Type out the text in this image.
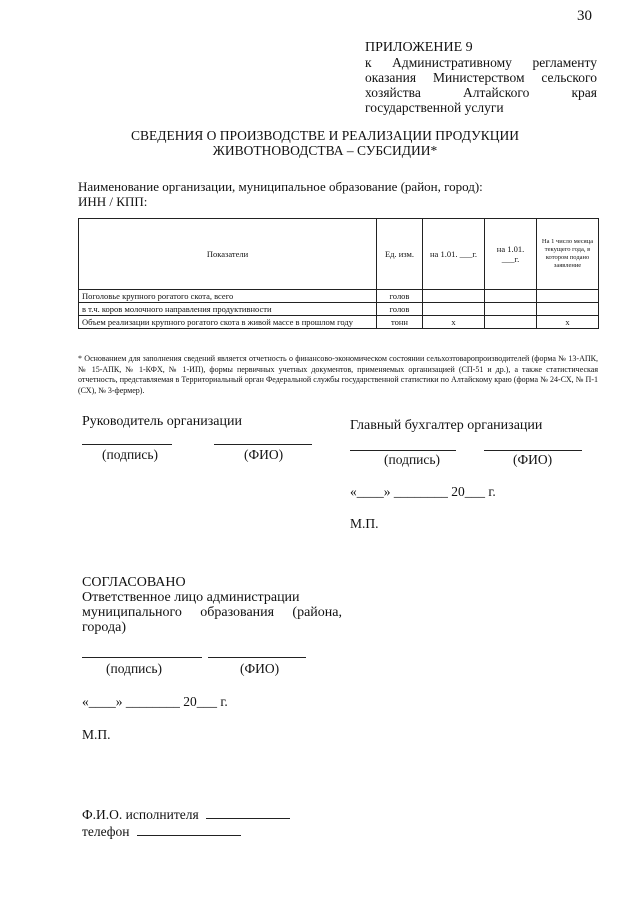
30
ПРИЛОЖЕНИЕ 9
к Административному регламенту
оказания Министерством сельского
хозяйства Алтайского края
государственной услуги
СВЕДЕНИЯ О ПРОИЗВОДСТВЕ И РЕАЛИЗАЦИИ ПРОДУКЦИИ
ЖИВОТНОВОДСТВА – СУБСИДИИ*
Наименование организации, муниципальное образование (район, город):
ИНН / КПП:
Показатели	Ед. изм.	на 1.01. ___г.	на 1.01. ___г.	На 1 число месяца текущего года, в котором подано заявление
Поголовье крупного рогатого скота, всего	голов			
в т.ч. коров молочного направления продуктивности	голов			
Объем реализации крупного рогатого скота в живой массе в прошлом году	тонн	х		х
* Основанием для заполнения сведений является отчетность о финансово-экономическом состоянии сельхозтоваропроизводителей (форма № 13-АПК, № 15-АПК, № 1-КФХ, № 1-ИП), формы первичных учетных документов, применяемых организацией (СП-51 и др.), а также статистическая отчетность, представляемая в Территориальный орган Федеральной службы государственной статистики по Алтайскому краю (форма № 24-СХ, № П-1 (СХ), № 3-фермер).
Руководитель организации
(подпись)	(ФИО)
Главный бухгалтер организации
(подпись)	(ФИО)
«____» ________ 20___ г.
М.П.
СОГЛАСОВАНО
Ответственное лицо администрации
муниципального образования (района,
города)
(подпись)	(ФИО)
«____» ________ 20___ г.
М.П.
Ф.И.О. исполнителя
телефон
